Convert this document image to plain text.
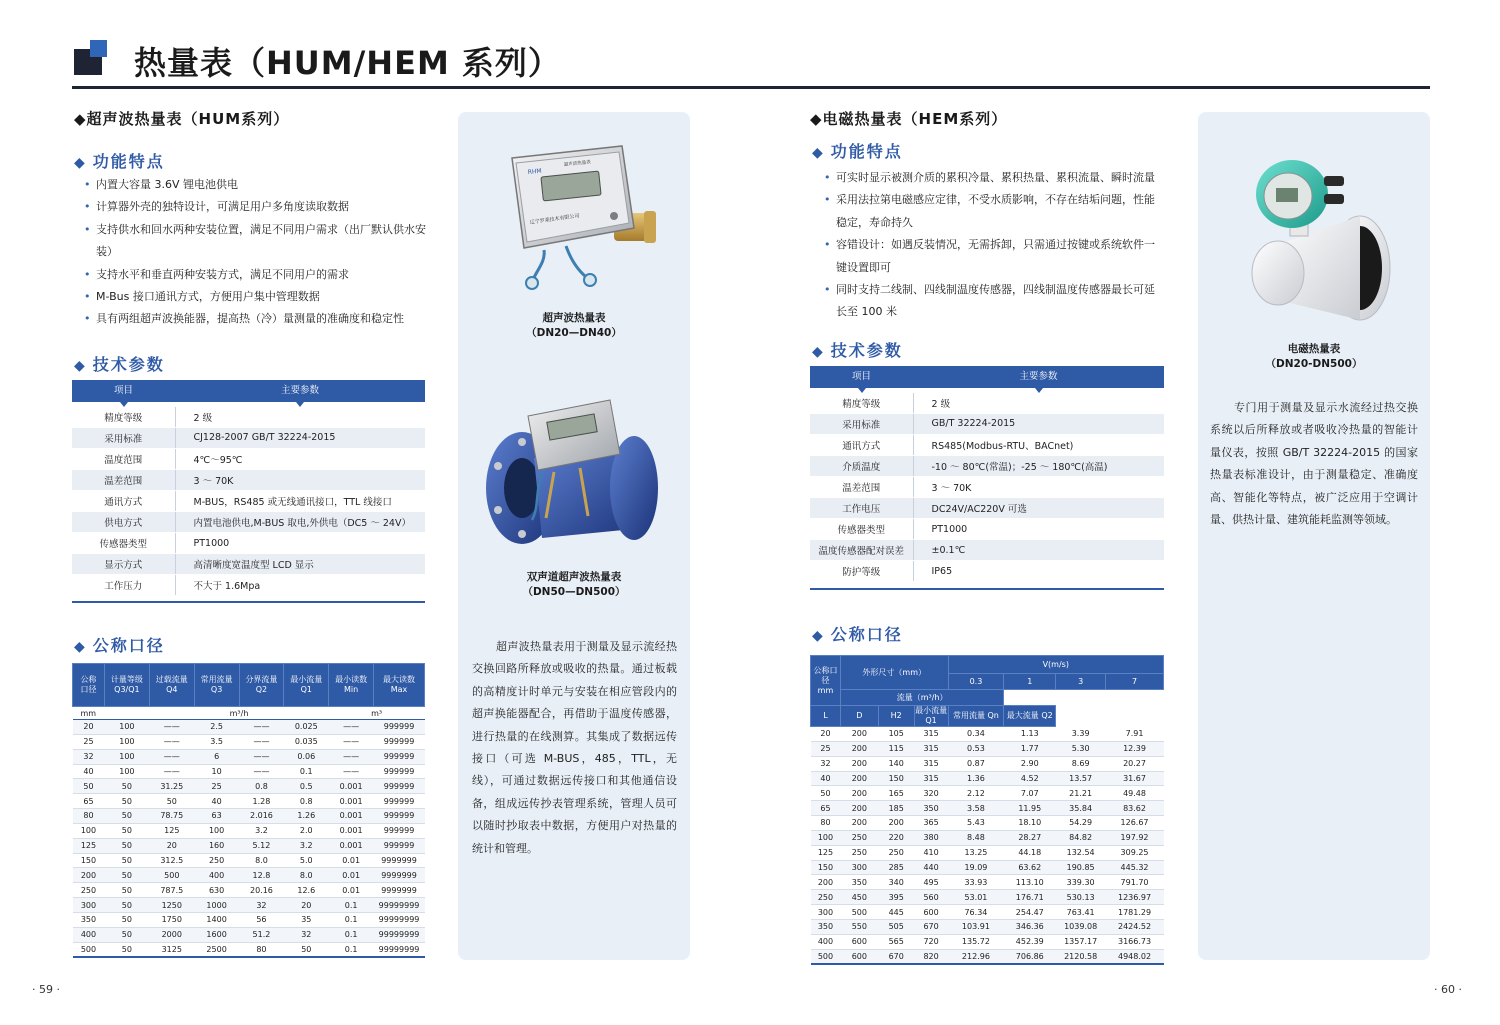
热量表（HUM/HEM 系列）
◆超声波热量表（HUM系列）
◆ 功能特点
• 内置大容量 3.6V 锂电池供电
• 计算器外壳的独特设计，可满足用户多角度读取数据
• 支持供水和回水两种安装位置，满足不同用户需求（出厂默认供水安装）
• 支持水平和垂直两种安装方式，满足不同用户的需求
• M-Bus 接口通讯方式，方便用户集中管理数据
• 具有两组超声波换能器，提高热（冷）量测量的准确度和稳定性
◆ 技术参数
项目	主要参数

精度等级	2 级
采用标准	CJ128-2007 GB/T 32224-2015
温度范围	4℃～95℃
温差范围	3 ～ 70K
通讯方式	M-BUS，RS485 或无线通讯接口，TTL 线接口
供电方式	内置电池供电,M-BUS 取电,外供电（DC5 ～ 24V）
传感器类型	PT1000
显示方式	高清晰度宽温度型 LCD 显示
工作压力	不大于 1.6Mpa
◆ 公称口径
公称口径	计量等级 Q3/Q1	过载流量 Q4	常用流量 Q3	分界流量 Q2	最小流量 Q1	最小读数 Min	最大读数 Max
mm		m³/h				m³	
20	100	——	2.5	——	0.025	——	999999
25	100	——	3.5	——	0.035	——	999999
32	100	——	6	——	0.06	——	999999
40	100	——	10	——	0.1	——	999999
50	50	31.25	25	0.8	0.5	0.001	999999
65	50	50	40	1.28	0.8	0.001	999999
80	50	78.75	63	2.016	1.26	0.001	999999
100	50	125	100	3.2	2.0	0.001	999999
125	50	20	160	5.12	3.2	0.001	999999
150	50	312.5	250	8.0	5.0	0.01	9999999
200	50	500	400	12.8	8.0	0.01	9999999
250	50	787.5	630	20.16	12.6	0.01	9999999
300	50	1250	1000	32	20	0.1	99999999
350	50	1750	1400	56	35	0.1	99999999
400	50	2000	1600	51.2	32	0.1	99999999
500	50	3125	2500	80	50	0.1	99999999
RHM
辽宁罗莱技术有限公司
超声波热量表
超声波热量表
（DN20—DN40）
双声道超声波热量表
（DN50—DN500）
超声波热量表用于测量及显示流经热交换回路所释放或吸收的热量。通过板载的高精度计时单元与安装在相应管段内的超声换能器配合，再借助于温度传感器，进行热量的在线测算。其集成了数据远传接口（可选 M-BUS，485，TTL，无线），可通过数据远传接口和其他通信设备，组成远传抄表管理系统，管理人员可以随时抄取表中数据，方便用户对热量的统计和管理。
◆电磁热量表（HEM系列）
◆ 功能特点
• 可实时显示被测介质的累积冷量、累积热量、累积流量、瞬时流量
• 采用法拉第电磁感应定律，不受水质影响，不存在结垢问题，性能稳定，寿命持久
• 容错设计：如遇反装情况，无需拆卸，只需通过按键或系统软件一键设置即可
• 同时支持二线制、四线制温度传感器，四线制温度传感器最长可延长至 100 米
◆ 技术参数
项目	主要参数

精度等级	2 级
采用标准	GB/T 32224-2015
通讯方式	RS485(Modbus-RTU、BACnet)
介质温度	-10 ～ 80℃(常温)；-25 ～ 180℃(高温)
温差范围	3 ～ 70K
工作电压	DC24V/AC220V 可选
传感器类型	PT1000
温度传感器配对误差	±0.1℃
防护等级	IP65
◆ 公称口径
公称口径
mm	外形尺寸（mm）			V(m/s)			
				0.3	1	3	7
	流量（m³/h）						
L	D	H2	最小流量 Q1	常用流量 Qn	最大流量 Q2		
20	200	105	315	0.34	1.13	3.39	7.91
25	200	115	315	0.53	1.77	5.30	12.39
32	200	140	315	0.87	2.90	8.69	20.27
40	200	150	315	1.36	4.52	13.57	31.67
50	200	165	320	2.12	7.07	21.21	49.48
65	200	185	350	3.58	11.95	35.84	83.62
80	200	200	365	5.43	18.10	54.29	126.67
100	250	220	380	8.48	28.27	84.82	197.92
125	250	250	410	13.25	44.18	132.54	309.25
150	300	285	440	19.09	63.62	190.85	445.32
200	350	340	495	33.93	113.10	339.30	791.70
250	450	395	560	53.01	176.71	530.13	1236.97
300	500	445	600	76.34	254.47	763.41	1781.29
350	550	505	670	103.91	346.36	1039.08	2424.52
400	600	565	720	135.72	452.39	1357.17	3166.73
500	600	670	820	212.96	706.86	2120.58	4948.02
电磁热量表
（DN20-DN500）
专门用于测量及显示水流经过热交换系统以后所释放或者吸收冷热量的智能计量仪表，按照 GB/T 32224-2015 的国家热量表标准设计，由于测量稳定、准确度高、智能化等特点，被广泛应用于空调计量、供热计量、建筑能耗监测等领域。
· 59 ·	· 60 ·
